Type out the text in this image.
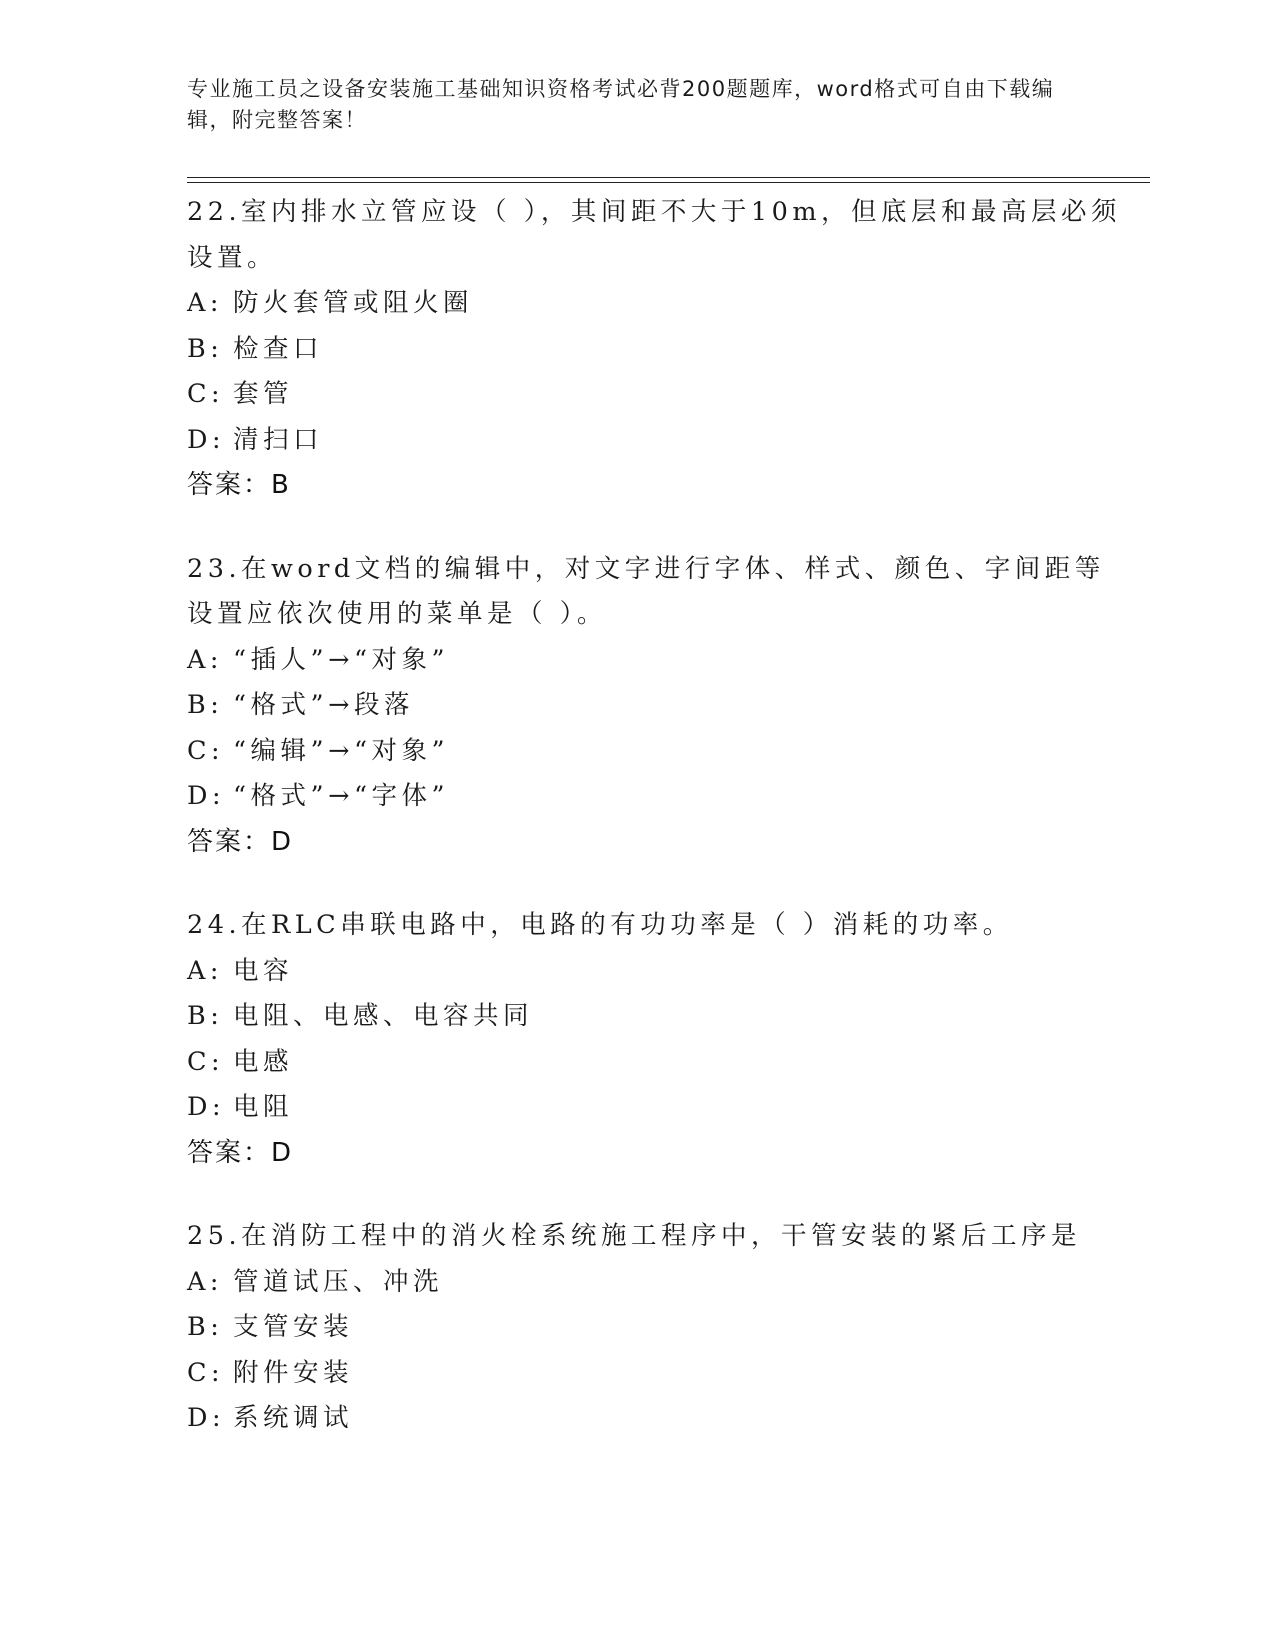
专业施工员之设备安装施工基础知识资格考试必背200题题库，word格式可自由下载编辑，附完整答案！
22.室内排水立管应设（ ），其间距不大于10m，但底层和最高层必须设置。
A: 防火套管或阻火圈
B: 检查口
C: 套管
D: 清扫口
答案：B
23.在word文档的编辑中，对文字进行字体、样式、颜色、字间距等设置应依次使用的菜单是（ ）。
A: “插人”→“对象”
B: “格式”→段落
C: “编辑”→“对象”
D: “格式”→“字体”
答案：D
24.在RLC串联电路中，电路的有功功率是（ ）消耗的功率。
A: 电容
B: 电阻、电感、电容共同
C: 电感
D: 电阻
答案：D
25.在消防工程中的消火栓系统施工程序中，干管安装的紧后工序是
A: 管道试压、冲洗
B: 支管安装
C: 附件安装
D: 系统调试
